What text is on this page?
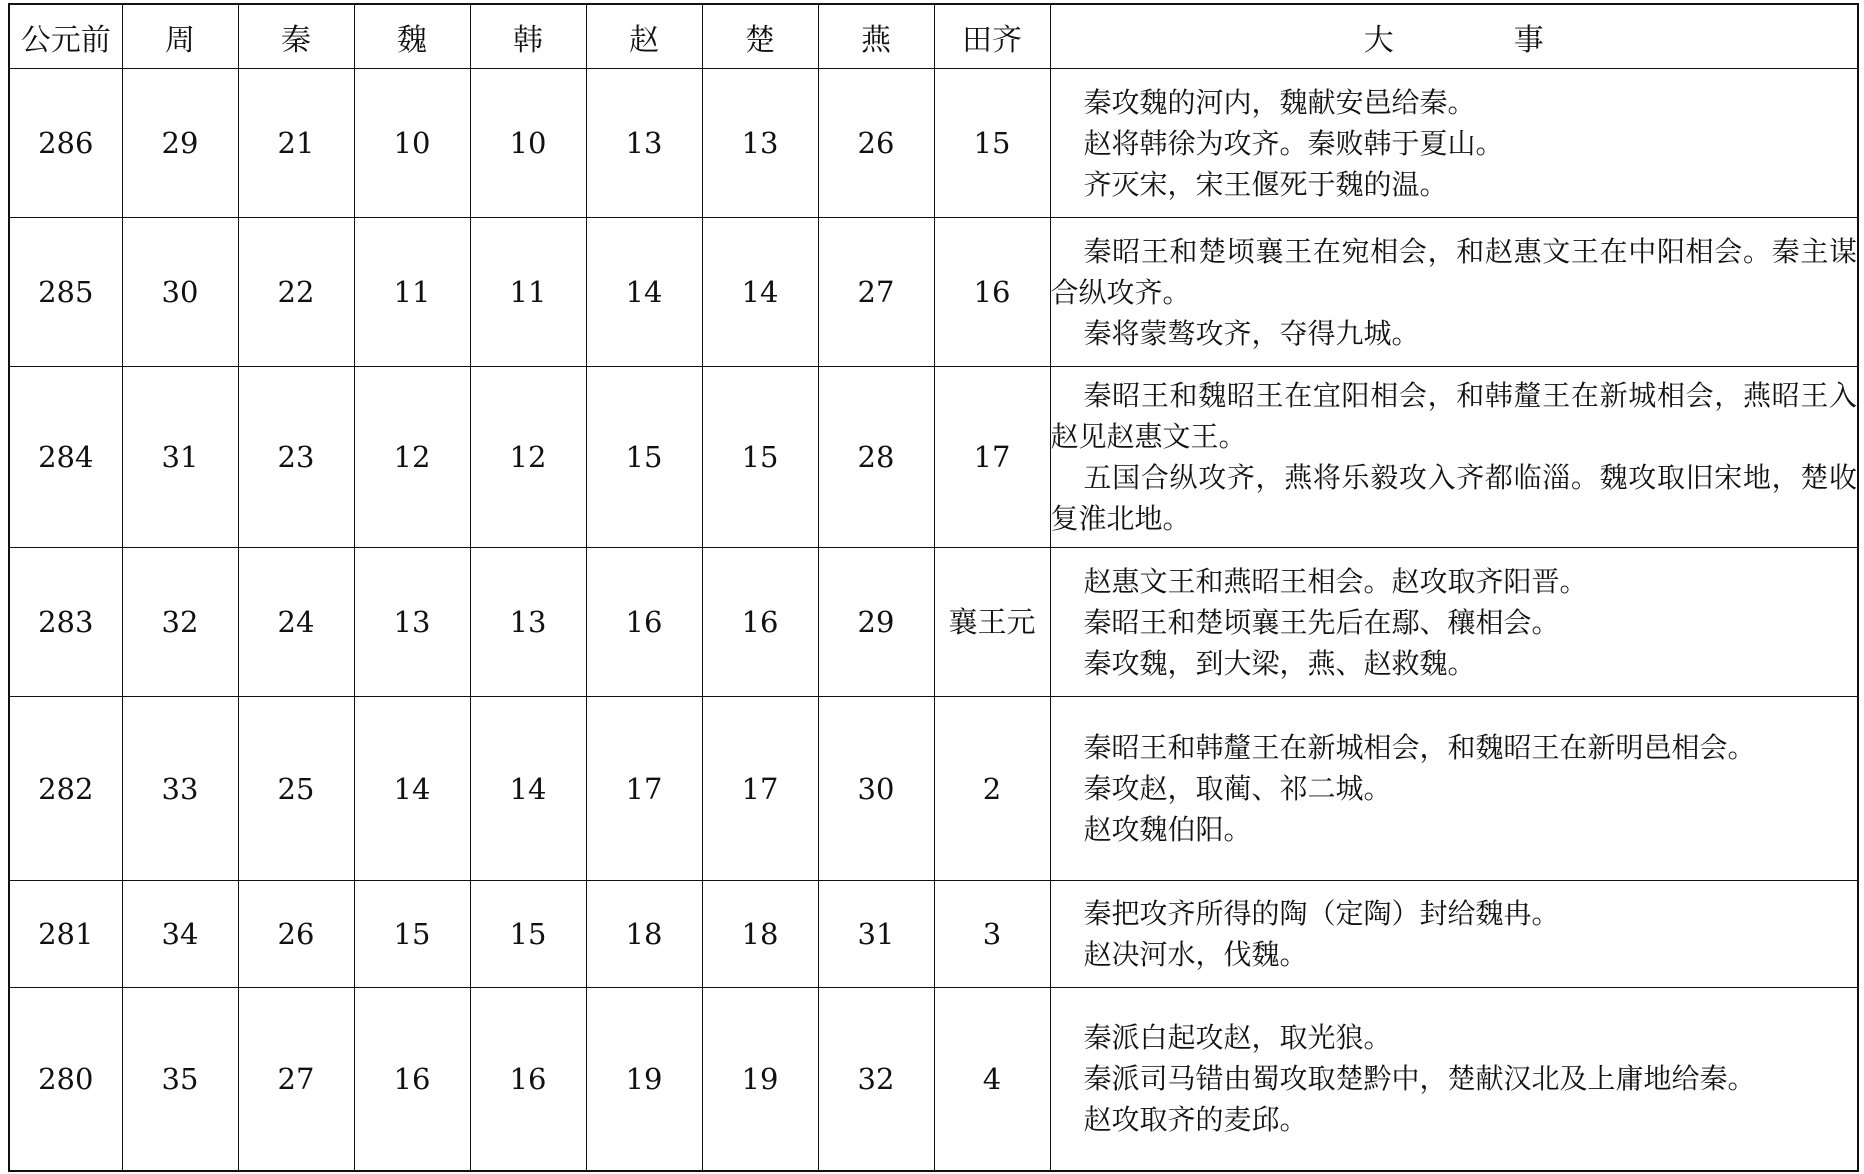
公元前	周	秦	魏	韩	赵	楚	燕	田齐	大 事
286	29	21	10	10	13	13	26	15	秦攻魏的河内，魏献安邑给秦。

赵将韩徐为攻齐。秦败韩于夏山。

齐灭宋，宋王偃死于魏的温。

285	30	22	11	11	14	14	27	16	秦昭王和楚顷襄王在宛相会，和赵惠文王在中阳相会。秦主谋合纵攻齐。

秦将蒙骜攻齐，夺得九城。

284	31	23	12	12	15	15	28	17	秦昭王和魏昭王在宜阳相会，和韩釐王在新城相会，燕昭王入赵见赵惠文王。

五国合纵攻齐，燕将乐毅攻入齐都临淄。魏攻取旧宋地，楚收复淮北地。

283	32	24	13	13	16	16	29	襄王元	赵惠文王和燕昭王相会。赵攻取齐阳晋。

秦昭王和楚顷襄王先后在鄢、穰相会。

秦攻魏，到大梁，燕、赵救魏。

282	33	25	14	14	17	17	30	2	秦昭王和韩釐王在新城相会，和魏昭王在新明邑相会。

秦攻赵，取蔺、祁二城。

赵攻魏伯阳。

281	34	26	15	15	18	18	31	3	秦把攻齐所得的陶（定陶）封给魏冉。

赵决河水，伐魏。

280	35	27	16	16	19	19	32	4	秦派白起攻赵，取光狼。

秦派司马错由蜀攻取楚黔中，楚献汉北及上庸地给秦。

赵攻取齐的麦邱。
